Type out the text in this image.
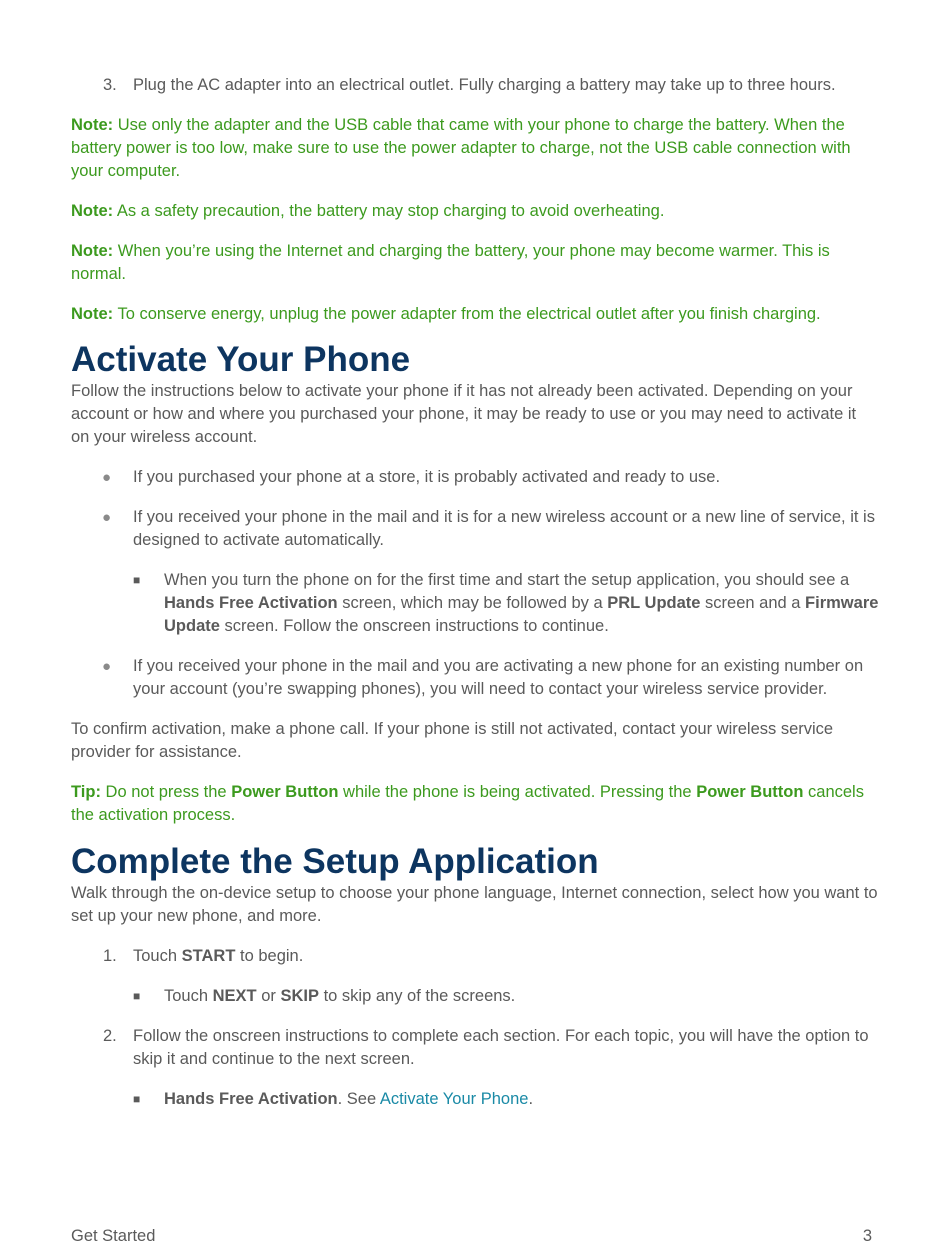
3. Plug the AC adapter into an electrical outlet. Fully charging a battery may take up to three hours.

Note: Use only the adapter and the USB cable that came with your phone to charge the battery. When the battery power is too low, make sure to use the power adapter to charge, not the USB cable connection with your computer.

Note: As a safety precaution, the battery may stop charging to avoid overheating.

Note: When you’re using the Internet and charging the battery, your phone may become warmer. This is normal.

Note: To conserve energy, unplug the power adapter from the electrical outlet after you finish charging.

Activate Your Phone

Follow the instructions below to activate your phone if it has not already been activated. Depending on your account or how and where you purchased your phone, it may be ready to use or you may need to activate it on your wireless account.

● If you purchased your phone at a store, it is probably activated and ready to use.
● If you received your phone in the mail and it is for a new wireless account or a new line of service, it is designed to activate automatically.
■ When you turn the phone on for the first time and start the setup application, you should see a Hands Free Activation screen, which may be followed by a PRL Update screen and a Firmware Update screen. Follow the onscreen instructions to continue.
● If you received your phone in the mail and you are activating a new phone for an existing number on your account (you’re swapping phones), you will need to contact your wireless service provider.

To confirm activation, make a phone call. If your phone is still not activated, contact your wireless service provider for assistance.

Tip: Do not press the Power Button while the phone is being activated. Pressing the Power Button cancels the activation process.

Complete the Setup Application

Walk through the on-device setup to choose your phone language, Internet connection, select how you want to set up your new phone, and more.

1. Touch START to begin.
■ Touch NEXT or SKIP to skip any of the screens.
2. Follow the onscreen instructions to complete each section. For each topic, you will have the option to skip it and continue to the next screen.
■ Hands Free Activation. See Activate Your Phone.
Get Started	3
